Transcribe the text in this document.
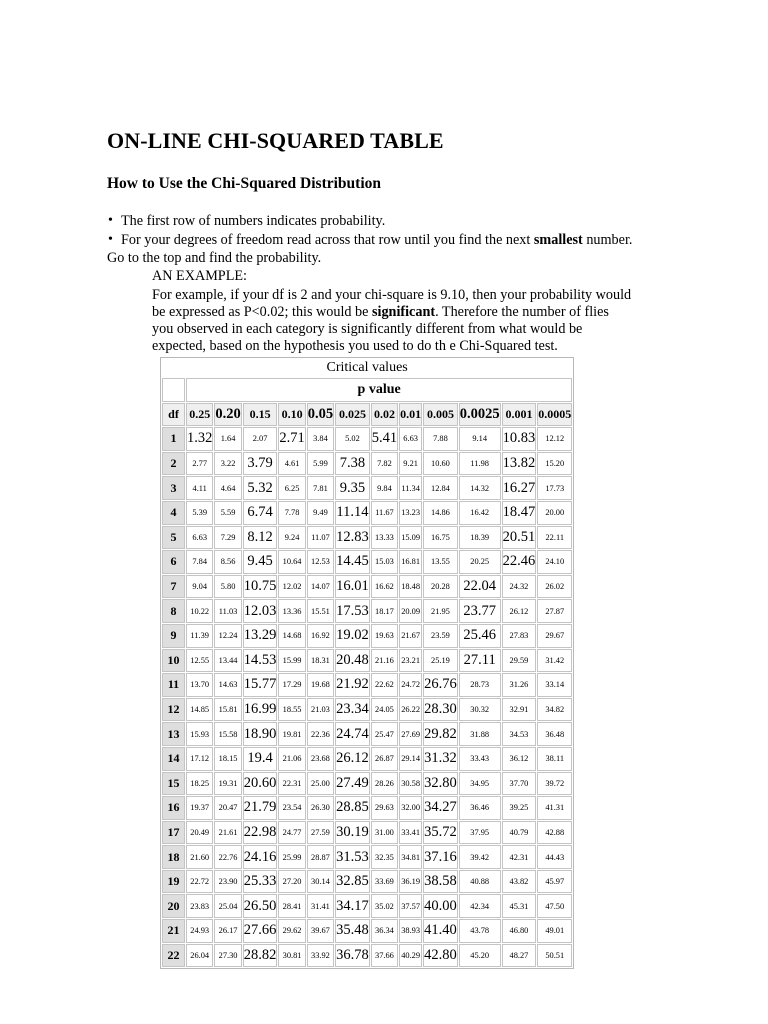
ON-LINE CHI-SQUARED TABLE
How to Use the Chi-Squared Distribution
• The first row of numbers indicates probability.
• For your degrees of freedom read across that row until you find the next smallest number.
Go to the top and find the probability.
AN EXAMPLE:
For example, if your df is 2 and your chi-square is 9.10, then your probability would
be expressed as P<0.02; this would be significant. Therefore the number of flies
you observed in each category is significantly different from what would be
expected, based on the hypothesis you used to do th e Chi-Squared test.
Critical values												
	p value											
df	0.25	0.20	0.15	0.10	0.05	0.025	0.02	0.01	0.005	0.0025	0.001	0.0005
1	1.32	1.64	2.07	2.71	3.84	5.02	5.41	6.63	7.88	9.14	10.83	12.12
2	2.77	3.22	3.79	4.61	5.99	7.38	7.82	9.21	10.60	11.98	13.82	15.20
3	4.11	4.64	5.32	6.25	7.81	9.35	9.84	11.34	12.84	14.32	16.27	17.73
4	5.39	5.59	6.74	7.78	9.49	11.14	11.67	13.23	14.86	16.42	18.47	20.00
5	6.63	7.29	8.12	9.24	11.07	12.83	13.33	15.09	16.75	18.39	20.51	22.11
6	7.84	8.56	9.45	10.64	12.53	14.45	15.03	16.81	13.55	20.25	22.46	24.10
7	9.04	5.80	10.75	12.02	14.07	16.01	16.62	18.48	20.28	22.04	24.32	26.02
8	10.22	11.03	12.03	13.36	15.51	17.53	18.17	20.09	21.95	23.77	26.12	27.87
9	11.39	12.24	13.29	14.68	16.92	19.02	19.63	21.67	23.59	25.46	27.83	29.67
10	12.55	13.44	14.53	15.99	18.31	20.48	21.16	23.21	25.19	27.11	29.59	31.42
11	13.70	14.63	15.77	17.29	19.68	21.92	22.62	24.72	26.76	28.73	31.26	33.14
12	14.85	15.81	16.99	18.55	21.03	23.34	24.05	26.22	28.30	30.32	32.91	34.82
13	15.93	15.58	18.90	19.81	22.36	24.74	25.47	27.69	29.82	31.88	34.53	36.48
14	17.12	18.15	19.4	21.06	23.68	26.12	26.87	29.14	31.32	33.43	36.12	38.11
15	18.25	19.31	20.60	22.31	25.00	27.49	28.26	30.58	32.80	34.95	37.70	39.72
16	19.37	20.47	21.79	23.54	26.30	28.85	29.63	32.00	34.27	36.46	39.25	41.31
17	20.49	21.61	22.98	24.77	27.59	30.19	31.00	33.41	35.72	37.95	40.79	42.88
18	21.60	22.76	24.16	25.99	28.87	31.53	32.35	34.81	37.16	39.42	42.31	44.43
19	22.72	23.90	25.33	27.20	30.14	32.85	33.69	36.19	38.58	40.88	43.82	45.97
20	23.83	25.04	26.50	28.41	31.41	34.17	35.02	37.57	40.00	42.34	45.31	47.50
21	24.93	26.17	27.66	29.62	39.67	35.48	36.34	38.93	41.40	43.78	46.80	49.01
22	26.04	27.30	28.82	30.81	33.92	36.78	37.66	40.29	42.80	45.20	48.27	50.51
